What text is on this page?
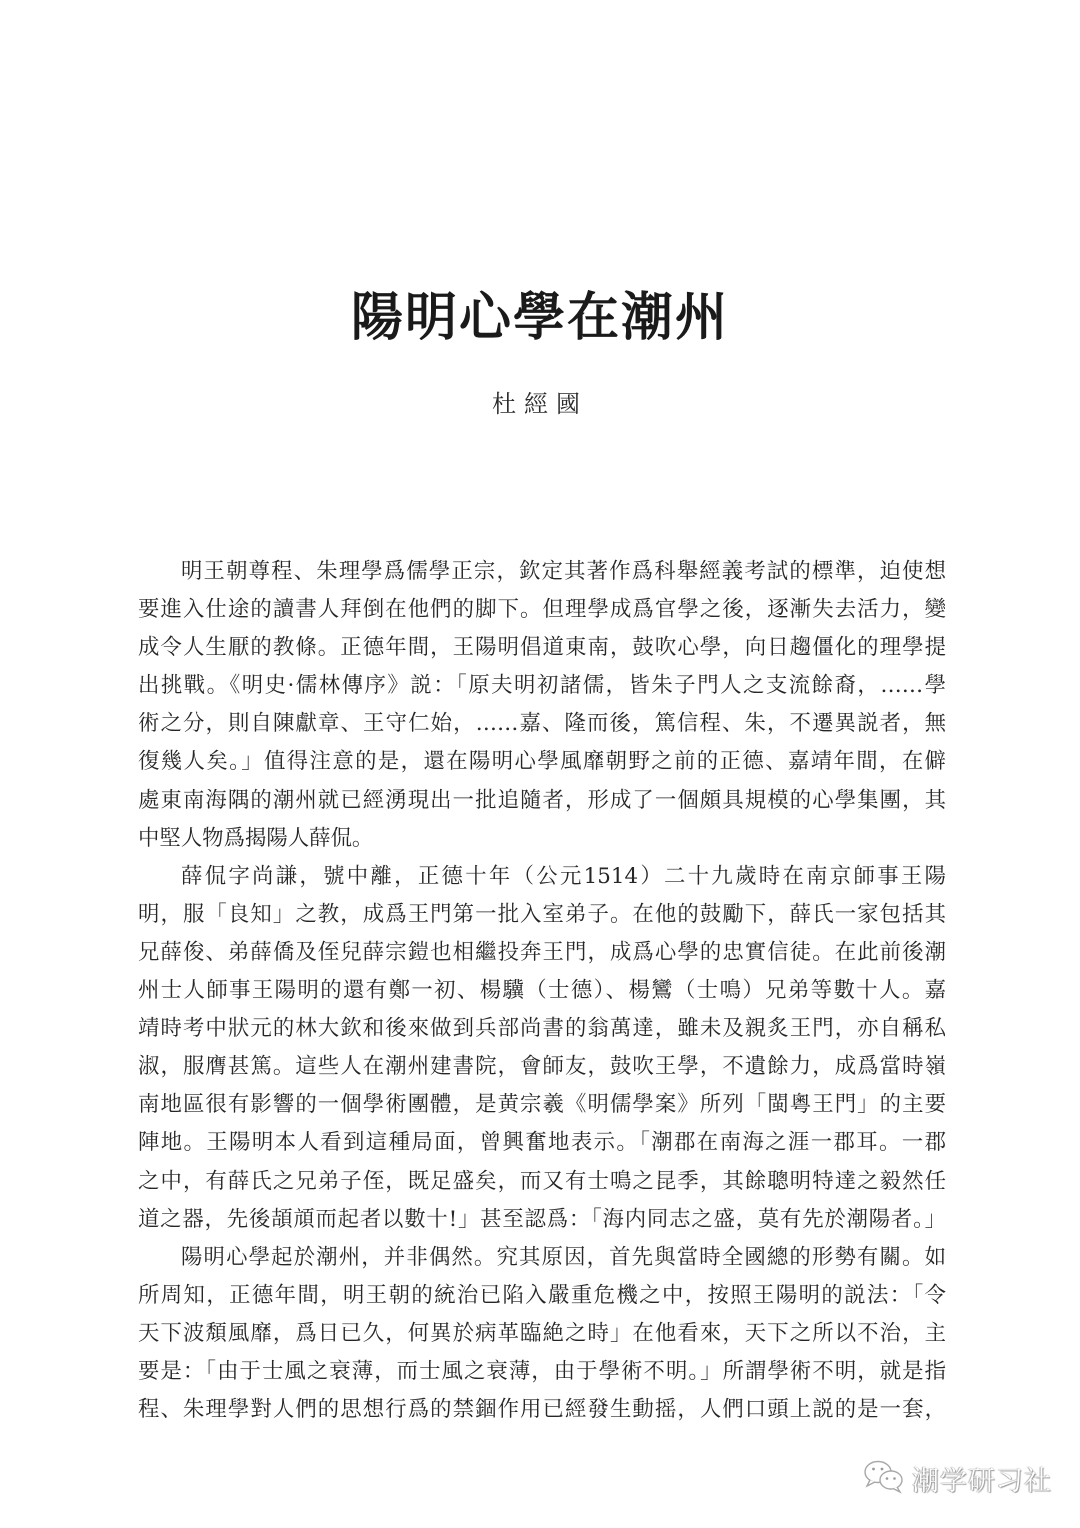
陽明心學在潮州
杜經國
明王朝尊程、朱理學爲儒學正宗，欽定其著作爲科舉經義考試的標準，迫使想
要進入仕途的讀書人拜倒在他們的脚下。但理學成爲官學之後，逐漸失去活力，變
成令人生厭的教條。正德年間，王陽明倡道東南，鼓吹心學，向日趨僵化的理學提
出挑戰。《明史·儒林傳序》説：「原夫明初諸儒，皆朱子門人之支流餘裔，……學
術之分，則自陳獻章、王守仁始，……嘉、隆而後，篤信程、朱，不遷異説者，無
復幾人矣。」值得注意的是，還在陽明心學風靡朝野之前的正德、嘉靖年間，在僻
處東南海隅的潮州就已經湧現出一批追隨者，形成了一個頗具規模的心學集團，其
中堅人物爲揭陽人薛侃。
薛侃字尚謙，號中離，正德十年（公元1514）二十九歲時在南京師事王陽
明，服「良知」之教，成爲王門第一批入室弟子。在他的鼓勵下，薛氏一家包括其
兄薛俊、弟薛僑及侄兒薛宗鎧也相繼投奔王門，成爲心學的忠實信徒。在此前後潮
州士人師事王陽明的還有鄭一初、楊驥（士德）、楊鸞（士鳴）兄弟等數十人。嘉
靖時考中狀元的林大欽和後來做到兵部尚書的翁萬達，雖未及親炙王門，亦自稱私
淑，服膺甚篤。這些人在潮州建書院，會師友，鼓吹王學，不遺餘力，成爲當時嶺
南地區很有影響的一個學術團體，是黄宗羲《明儒學案》所列「閩粵王門」的主要
陣地。王陽明本人看到這種局面，曾興奮地表示。「潮郡在南海之涯一郡耳。一郡
之中，有薛氏之兄弟子侄，既足盛矣，而又有士鳴之昆季，其餘聰明特達之毅然任
道之器，先後頡頏而起者以數十!」甚至認爲：「海内同志之盛，莫有先於潮陽者。」
陽明心學起於潮州，并非偶然。究其原因，首先與當時全國總的形勢有關。如
所周知，正德年間，明王朝的統治已陷入嚴重危機之中，按照王陽明的説法：「令
天下波頽風靡，爲日已久，何異於病革臨絶之時」在他看來，天下之所以不治，主
要是：「由于士風之衰薄，而士風之衰薄，由于學術不明。」所謂學術不明，就是指
程、朱理學對人們的思想行爲的禁錮作用已經發生動摇，人們口頭上説的是一套，
潮学研习社
